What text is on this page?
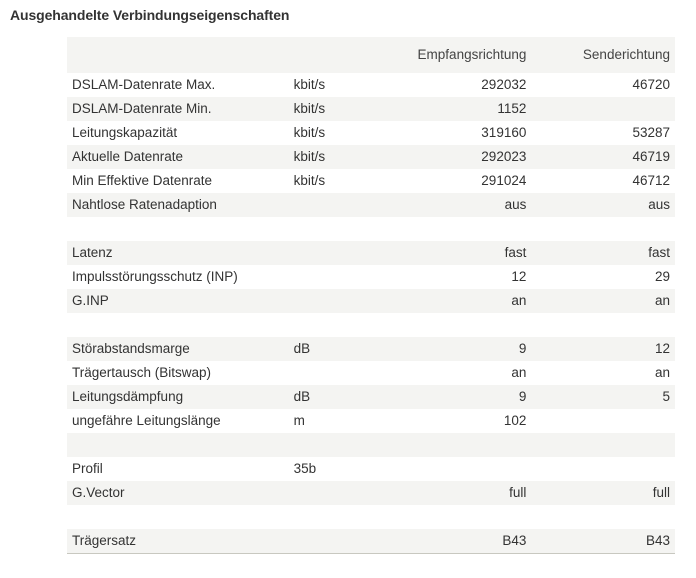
Ausgehandelte Verbindungseigenschaften
		Empfangsrichtung	Senderichtung
DSLAM-Datenrate Max.	kbit/s	292032	46720
DSLAM-Datenrate Min.	kbit/s	1152	
Leitungskapazität	kbit/s	319160	53287
Aktuelle Datenrate	kbit/s	292023	46719
Min Effektive Datenrate	kbit/s	291024	46712
Nahtlose Ratenadaption		aus	aus

Latenz		fast	fast
Impulsstörungsschutz (INP)		12	29
G.INP		an	an

Störabstandsmarge	dB	9	12
Trägertausch (Bitswap)		an	an
Leitungsdämpfung	dB	9	5
ungefähre Leitungslänge	m	102	

Profil	35b		
G.Vector		full	full

Trägersatz		B43	B43
